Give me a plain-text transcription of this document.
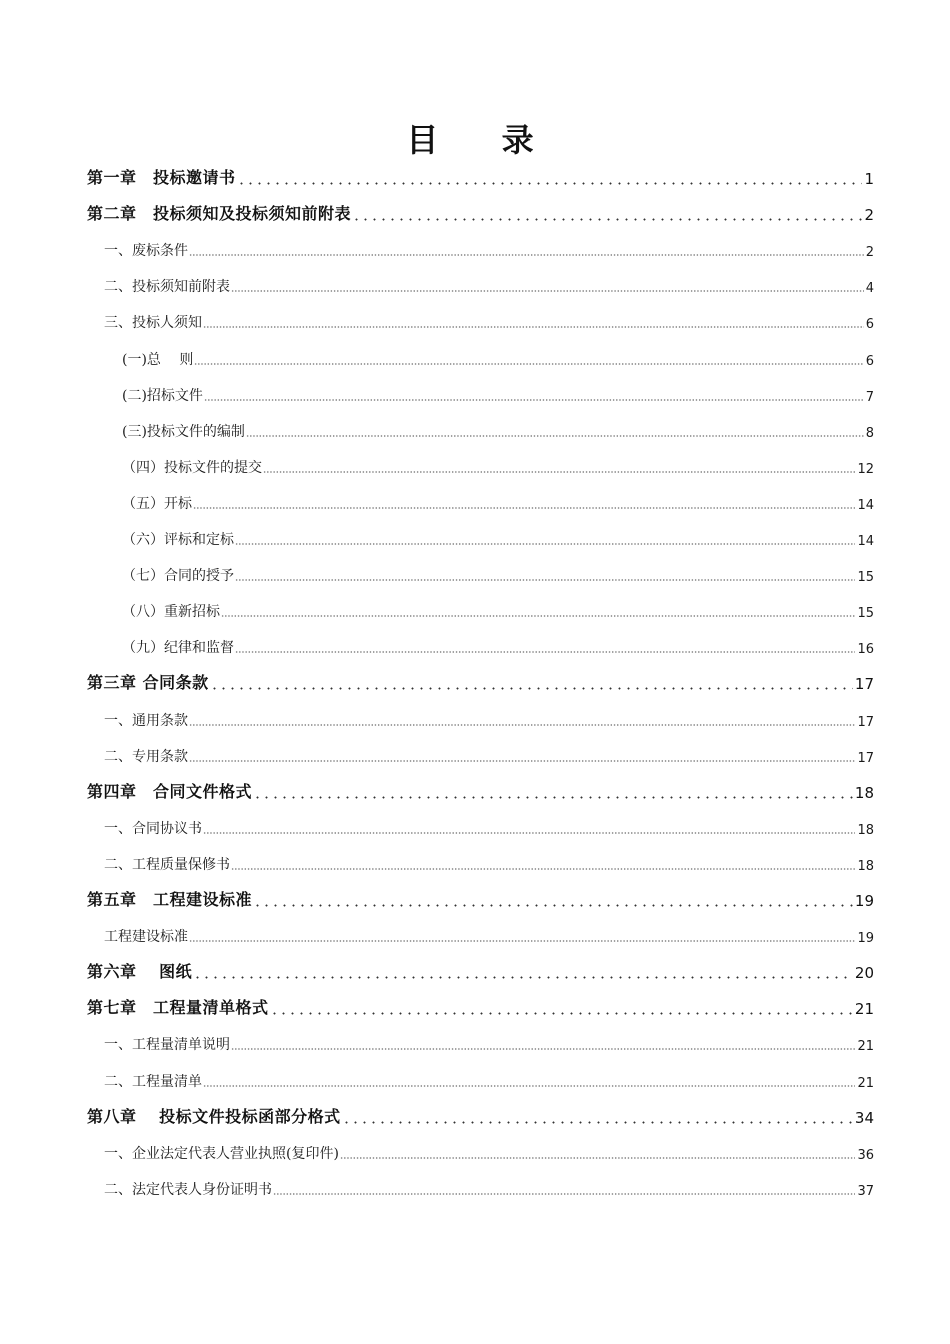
目 录
第一章　投标邀请书	1
第二章　投标须知及投标须知前附表	2
一、废标条件	2
二、投标须知前附表	4
三、投标人须知	6
(一)总　 则	6
(二)招标文件	7
(三)投标文件的编制	8
（四）投标文件的提交	12
（五）开标	14
（六）评标和定标	14
（七）合同的授予	15
（八）重新招标	15
（九）纪律和监督	16
第三章 合同条款	17
一、通用条款	17
二、专用条款	17
第四章　合同文件格式	18
一、合同协议书	18
二、工程质量保修书	18
第五章　工程建设标准	19
工程建设标准	19
第六章　 图纸	20
第七章　工程量清单格式	21
一、工程量清单说明	21
二、工程量清单	21
第八章　 投标文件投标函部分格式	34
一、企业法定代表人营业执照(复印件)	36
二、法定代表人身份证明书	37
